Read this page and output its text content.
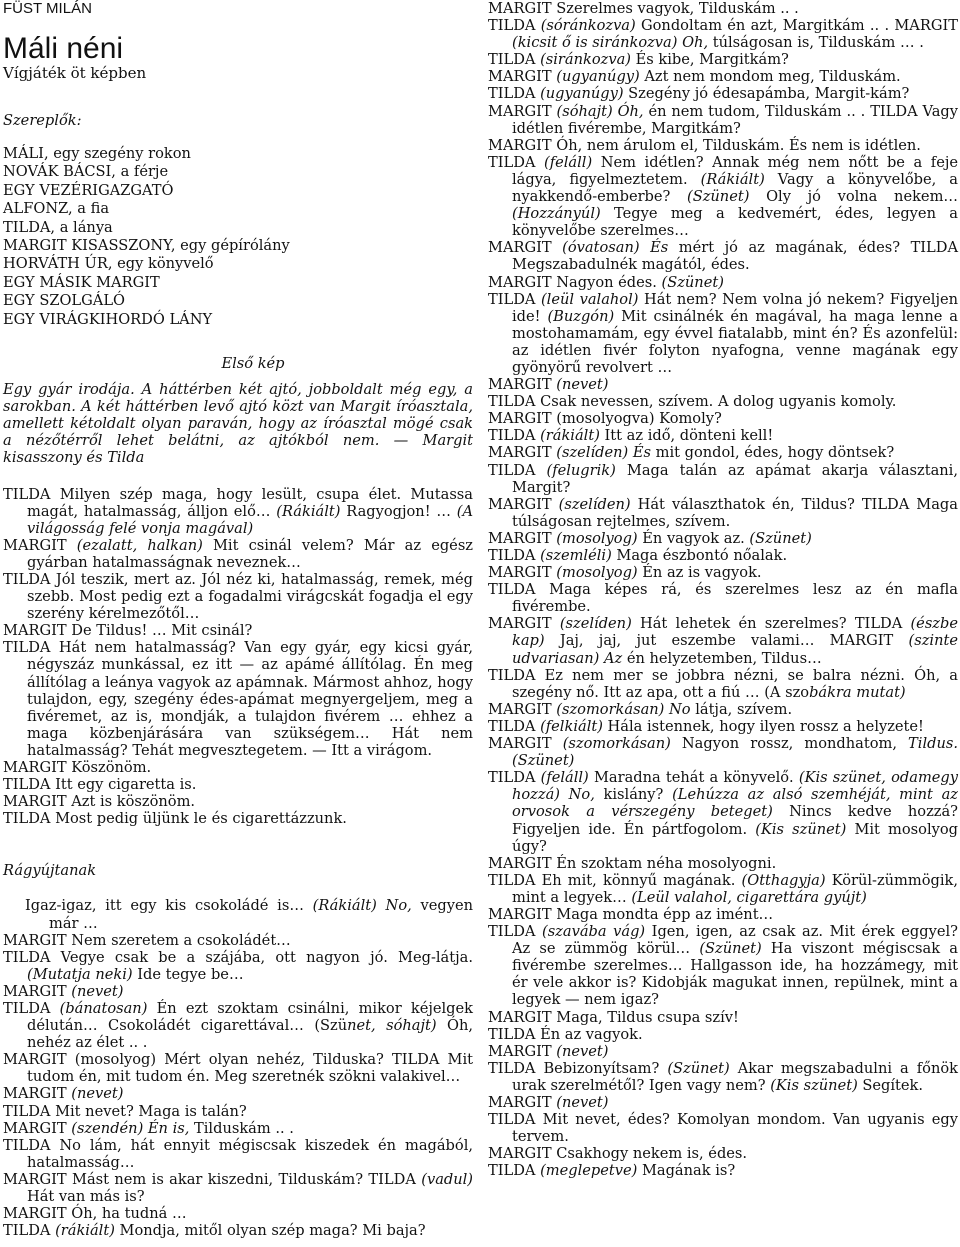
FÜST MILÁN
Máli néni
Vígjáték öt képben
Szereplők:
MÁLI, egy szegény rokon
NOVÁK BÁCSI, a férje
EGY VEZÉRIGAZGATÓ
ALFONZ, a fia
TILDA, a lánya
MARGIT KISASSZONY, egy gépírólány
HORVÁTH ÚR, egy könyvelő
EGY MÁSIK MARGIT
EGY SZOLGÁLÓ
EGY VIRÁGKIHORDÓ LÁNY
Első kép
Egy gyár irodája. A háttérben két ajtó, jobboldalt még egy, a sarokban. A két háttérben levő ajtó közt van Margit íróasztala, amellett kétoldalt olyan paraván, hogy az íróasztal mögé csak a nézőtérről lehet belátni, az ajtókból nem. — Margit kisasszony és Tilda
TILDA Milyen szép maga, hogy lesült, csupa élet. Mutassa magát, hatalmasság, álljon elő… (Rákiált) Ragyogjon! … (A világosság felé vonja magával)
MARGIT (ezalatt, halkan) Mit csinál velem? Már az egész gyárban hatalmasságnak neveznek…
TILDA Jól teszik, mert az. Jól néz ki, hatalmasság, remek, még szebb. Most pedig ezt a fogadalmi virágcskát fogadja el egy szerény kérelmezőtől…
MARGIT De Tildus! … Mit csinál?
TILDA Hát nem hatalmasság? Van egy gyár, egy kicsi gyár, négyszáz munkással, ez itt — az apámé állítólag. Én meg állítólag a leánya vagyok az apámnak. Mármost ahhoz, hogy tulajdon, egy, szegény édes-apámat megnyergeljem, meg a fivéremet, az is, mondják, a tulajdon fivérem … ehhez a maga közbenjárására van szükségem… Hát nem hatalmasság? Tehát megvesztegetem. — Itt a virágom.
MARGIT Köszönöm.
TILDA Itt egy cigaretta is.
MARGIT Azt is köszönöm.
TILDA Most pedig üljünk le és cigarettázzunk.
Rágyújtanak
Igaz-igaz, itt egy kis csokoládé is… (Rákiált) No, vegyen már …
MARGIT Nem szeretem a csokoládét…
TILDA Vegye csak be a szájába, ott nagyon jó. Meg-látja. (Mutatja neki) Ide tegye be…
MARGIT (nevet)
TILDA (bánatosan) Én ezt szoktam csinálni, mikor kéjelgek délután… Csokoládét cigarettával… (Szünet, sóhajt) Óh, nehéz az élet .. .
MARGIT (mosolyog) Mért olyan nehéz, Tilduska? TILDA Mit tudom én, mit tudom én. Meg szeretnék szökni valakivel…
MARGIT (nevet)
TILDA Mit nevet? Maga is talán?
MARGIT (szendén) Én is, Tilduskám .. .
TILDA No lám, hát ennyit mégiscsak kiszedek én magából, hatalmasság…
MARGIT Mást nem is akar kiszedni, Tilduskám? TILDA (vadul) Hát van más is?
MARGIT Óh, ha tudná …
TILDA (rákiált) Mondja, mitől olyan szép maga? Mi baja?
MARGIT Szerelmes vagyok, Tilduskám .. .
TILDA (sóránkozva) Gondoltam én azt, Margitkám .. . MARGIT (kicsit ő is siránkozva) Oh, túlságosan is, Tilduskám … .
TILDA (siránkozva) És kibe, Margitkám?
MARGIT (ugyanúgy) Azt nem mondom meg, Tilduskám.
TILDA (ugyanúgy) Szegény jó édesapámba, Margit-kám?
MARGIT (sóhajt) Óh, én nem tudom, Tilduskám .. . TILDA Vagy idétlen fivérembe, Margitkám?
MARGIT Óh, nem árulom el, Tilduskám. És nem is idétlen.
TILDA (feláll) Nem idétlen? Annak még nem nőtt be a feje lágya, figyelmeztetem. (Rákiált) Vagy a könyvelőbe, a nyakkendő-emberbe? (Szünet) Oly jó volna nekem… (Hozzányúl) Tegye meg a kedvemért, édes, legyen a könyvelőbe szerelmes…
MARGIT (óvatosan) És mért jó az magának, édes? TILDA Megszabadulnék magától, édes.
MARGIT Nagyon édes. (Szünet)
TILDA (leül valahol) Hát nem? Nem volna jó nekem? Figyeljen ide! (Buzgón) Mit csinálnék én magával, ha maga lenne a mostohamamám, egy évvel fiatalabb, mint én? És azonfelül: az idétlen fivér folyton nyafogna, venne magának egy gyönyörű revolvert …
MARGIT (nevet)
TILDA Csak nevessen, szívem. A dolog ugyanis komoly.
MARGIT (mosolyogva) Komoly?
TILDA (rákiált) Itt az idő, dönteni kell!
MARGIT (szelíden) És mit gondol, édes, hogy döntsek?
TILDA (felugrik) Maga talán az apámat akarja választani, Margit?
MARGIT (szelíden) Hát választhatok én, Tildus? TILDA Maga túlságosan rejtelmes, szívem.
MARGIT (mosolyog) Én vagyok az. (Szünet)
TILDA (szemléli) Maga észbontó nőalak.
MARGIT (mosolyog) Én az is vagyok.
TILDA Maga képes rá, és szerelmes lesz az én mafla fivérembe.
MARGIT (szelíden) Hát lehetek én szerelmes? TILDA (észbe kap) Jaj, jaj, jut eszembe valami… MARGIT (szinte udvariasan) Az én helyzetemben, Tildus…
TILDA Ez nem mer se jobbra nézni, se balra nézni. Óh, a szegény nő. Itt az apa, ott a fiú … (A szobákra mutat)
MARGIT (szomorkásan) No látja, szívem.
TILDA (felkiált) Hála istennek, hogy ilyen rossz a helyzete!
MARGIT (szomorkásan) Nagyon rossz, mondhatom, Tildus. (Szünet)
TILDA (feláll) Maradna tehát a könyvelő. (Kis szünet, odamegy hozzá) No, kislány? (Lehúzza az alsó szemhéját, mint az orvosok a vérszegény beteget) Nincs kedve hozzá? Figyeljen ide. Én pártfogolom. (Kis szünet) Mit mosolyog úgy?
MARGIT Én szoktam néha mosolyogni.
TILDA Eh mit, könnyű magának. (Otthagyja) Körül-zümmögik, mint a legyek… (Leül valahol, cigarettára gyújt)
MARGIT Maga mondta épp az imént…
TILDA (szavába vág) Igen, igen, az csak az. Mit érek eggyel? Az se zümmög körül… (Szünet) Ha viszont mégiscsak a fivérembe szerelmes… Hallgasson ide, ha hozzámegy, mit ér vele akkor is? Kidobják magukat innen, repülnek, mint a legyek — nem igaz?
MARGIT Maga, Tildus csupa szív!
TILDA Én az vagyok.
MARGIT (nevet)
TILDA Bebizonyítsam? (Szünet) Akar megszabadulni a főnök urak szerelmétől? Igen vagy nem? (Kis szünet) Segítek.
MARGIT (nevet)
TILDA Mit nevet, édes? Komolyan mondom. Van ugyanis egy tervem.
MARGIT Csakhogy nekem is, édes.
TILDA (meglepetve) Magának is?
